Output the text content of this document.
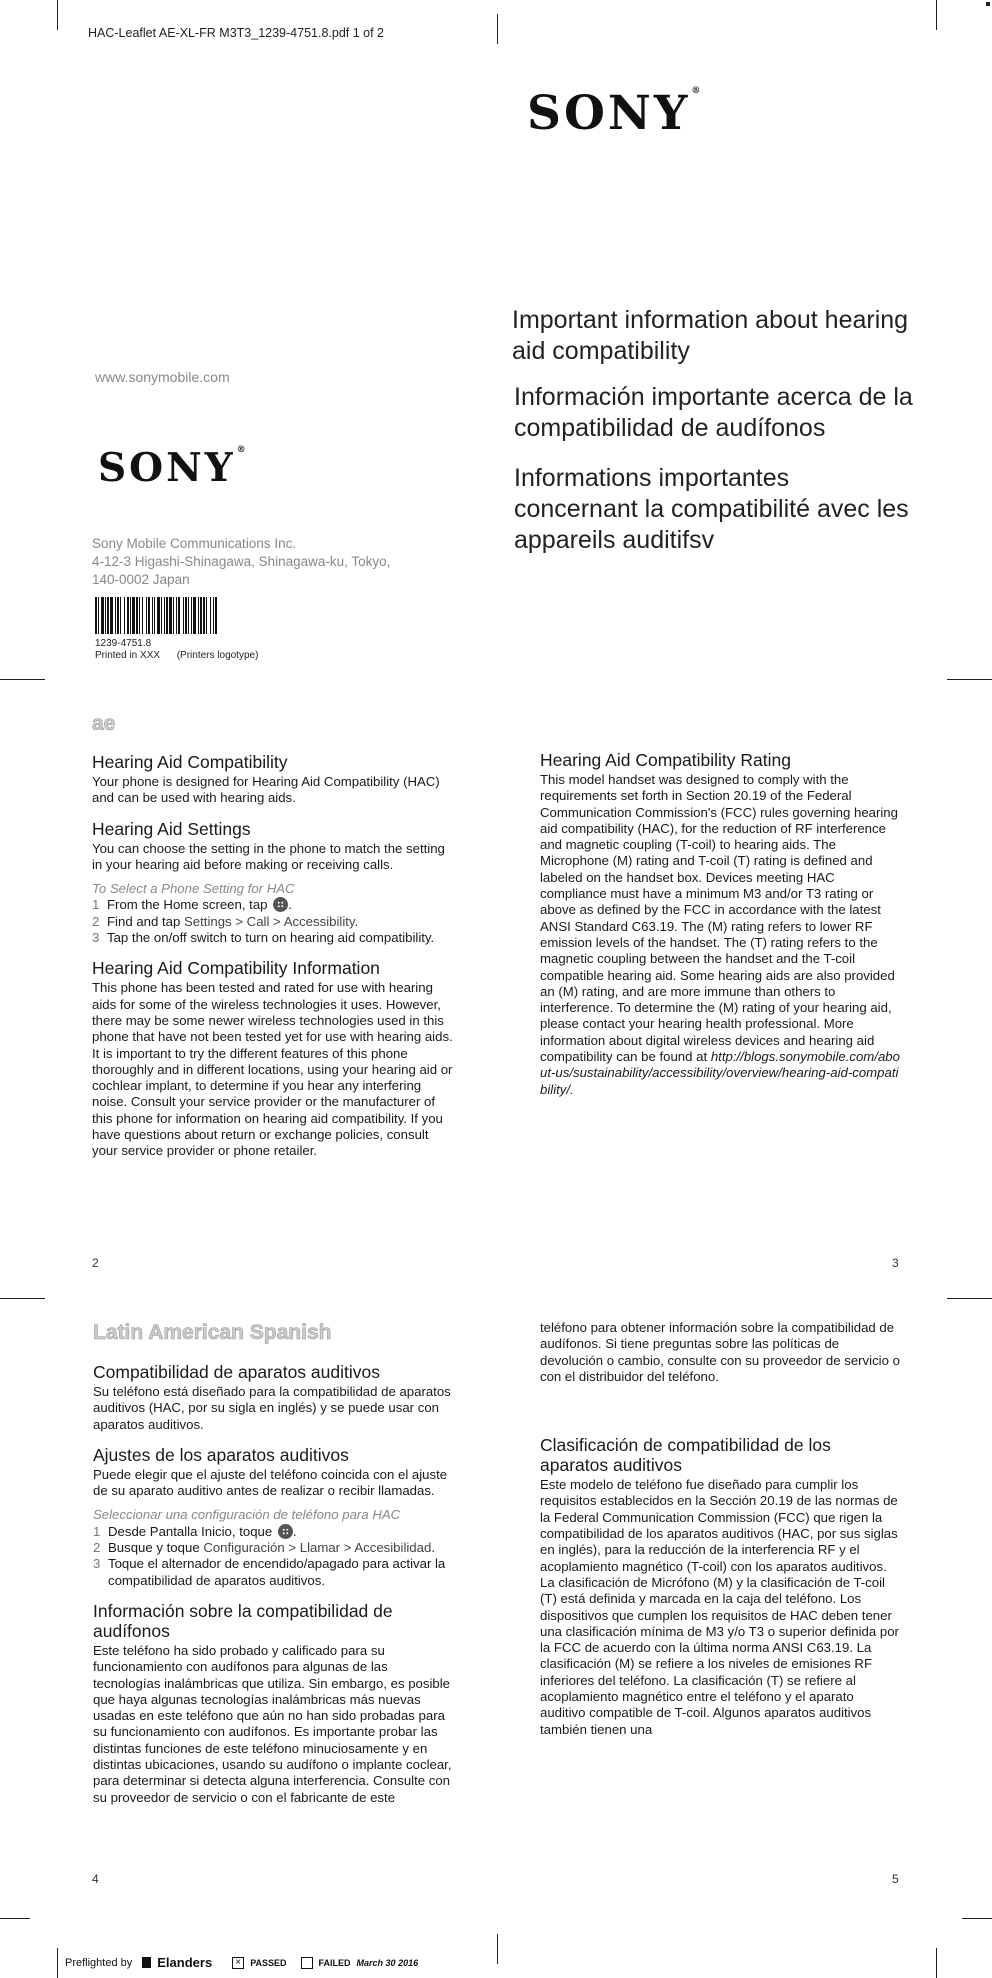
HAC-Leaflet AE-XL-FR M3T3_1239-4751.8.pdf 1 of 2
SONY®
Important information about hearing aid compatibility
Información importante acerca de la compatibilidad de audífonos
Informations importantes concernant la compatibilité avec les appareils auditifsv
www.sonymobile.com
SONY®
Sony Mobile Communications Inc.
4-12-3 Higashi-Shinagawa, Shinagawa-ku, Tokyo,
140-0002 Japan
1239-4751.8
Printed in XXX (Printers logotype)
ae
Hearing Aid Compatibility

Your phone is designed for Hearing Aid Compatibility (HAC) and can be used with hearing aids.

Hearing Aid Settings

You can choose the setting in the phone to match the setting in your hearing aid before making or receiving calls.

To Select a Phone Setting for HAC

1 From the Home screen, tap .
2 Find and tap Settings > Call > Accessibility.
3 Tap the on/off switch to turn on hearing aid compatibility.
Hearing Aid Compatibility Information

This phone has been tested and rated for use with hearing aids for some of the wireless technologies it uses. However, there may be some newer wireless technologies used in this phone that have not been tested yet for use with hearing aids. It is important to try the different features of this phone thoroughly and in different locations, using your hearing aid or cochlear implant, to determine if you hear any interfering noise. Consult your service provider or the manufacturer of this phone for information on hearing aid compatibility. If you have questions about return or exchange policies, consult your service provider or phone retailer.

2
Hearing Aid Compatibility Rating

This model handset was designed to comply with the requirements set forth in Section 20.19 of the Federal Communication Commission's (FCC) rules governing hearing aid compatibility (HAC), for the reduction of RF interference and magnetic coupling (T-coil) to hearing aids. The Microphone (M) rating and T-coil (T) rating is defined and labeled on the handset box. Devices meeting HAC compliance must have a minimum M3 and/or T3 rating or above as defined by the FCC in accordance with the latest ANSI Standard C63.19. The (M) rating refers to lower RF emission levels of the handset. The (T) rating refers to the magnetic coupling between the handset and the T-coil compatible hearing aid. Some hearing aids are also provided an (M) rating, and are more immune than others to interference. To determine the (M) rating of your hearing aid, please contact your hearing health professional. More information about digital wireless devices and hearing aid compatibility can be found at http://blogs.sonymobile.com/about-us/sustainability/accessibility/overview/hearing-aid-compatibility/.

3
Latin American Spanish
Compatibilidad de aparatos auditivos

Su teléfono está diseñado para la compatibilidad de aparatos auditivos (HAC, por su sigla en inglés) y se puede usar con aparatos auditivos.

Ajustes de los aparatos auditivos

Puede elegir que el ajuste del teléfono coincida con el ajuste de su aparato auditivo antes de realizar o recibir llamadas.

Seleccionar una configuración de teléfono para HAC

1 Desde Pantalla Inicio, toque .
2 Busque y toque Configuración > Llamar > Accesibilidad.
3 Toque el alternador de encendido/apagado para activar la compatibilidad de aparatos auditivos.
Información sobre la compatibilidad de audífonos

Este teléfono ha sido probado y calificado para su funcionamiento con audífonos para algunas de las tecnologías inalámbricas que utiliza. Sin embargo, es posible que haya algunas tecnologías inalámbricas más nuevas usadas en este teléfono que aún no han sido probadas para su funcionamiento con audífonos. Es importante probar las distintas funciones de este teléfono minuciosamente y en distintas ubicaciones, usando su audífono o implante coclear, para determinar si detecta alguna interferencia. Consulte con su proveedor de servicio o con el fabricante de este

4

teléfono para obtener información sobre la compatibilidad de audífonos. Si tiene preguntas sobre las políticas de devolución o cambio, consulte con su proveedor de servicio o con el distribuidor del teléfono.

Clasificación de compatibilidad de los aparatos auditivos

Este modelo de teléfono fue diseñado para cumplir los requisitos establecidos en la Sección 20.19 de las normas de la Federal Communication Commission (FCC) que rigen la compatibilidad de los aparatos auditivos (HAC, por sus siglas en inglés), para la reducción de la interferencia RF y el acoplamiento magnético (T-coil) con los aparatos auditivos. La clasificación de Micrófono (M) y la clasificación de T-coil (T) está definida y marcada en la caja del teléfono. Los dispositivos que cumplen los requisitos de HAC deben tener una clasificación mínima de M3 y/o T3 o superior definida por la FCC de acuerdo con la última norma ANSI C63.19. La clasificación (M) se refiere a los niveles de emisiones RF inferiores del teléfono. La clasificación (T) se refiere al acoplamiento magnético entre el teléfono y el aparato auditivo compatible de T-coil. Algunos aparatos auditivos también tienen una

5
Preflighted by Elanders	×	PASSED	FAILED March 30 2016
